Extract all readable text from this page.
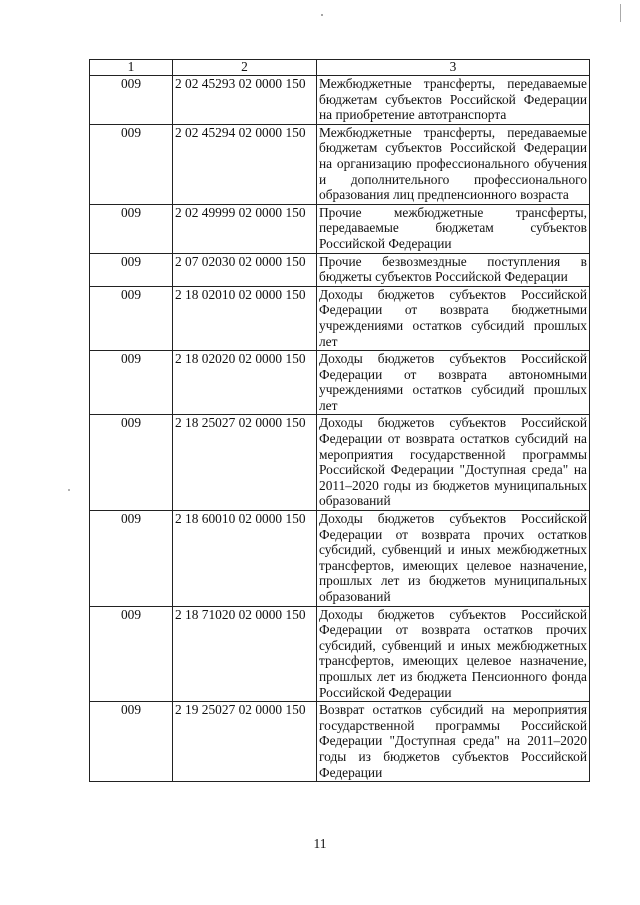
1	2	3
009	2 02 45293 02 0000 150	Межбюджетные трансферты, передаваемые бюджетам субъектов Российской Федерации на приобретение автотранспорта
009	2 02 45294 02 0000 150	Межбюджетные трансферты, передаваемые бюджетам субъектов Российской Федерации на организацию профессионального обучения и дополнительного профессионального образования лиц предпенсионного возраста
009	2 02 49999 02 0000 150	Прочие межбюджетные трансферты, передаваемые бюджетам субъектов Российской Федерации
009	2 07 02030 02 0000 150	Прочие безвозмездные поступления в бюджеты субъектов Российской Федерации
009	2 18 02010 02 0000 150	Доходы бюджетов субъектов Российской Федерации от возврата бюджетными учреждениями остатков субсидий прошлых лет
009	2 18 02020 02 0000 150	Доходы бюджетов субъектов Российской Федерации от возврата автономными учреждениями остатков субсидий прошлых лет
009	2 18 25027 02 0000 150	Доходы бюджетов субъектов Российской Федерации от возврата остатков субсидий на мероприятия государственной программы Российской Федерации "Доступная среда" на 2011–2020 годы из бюджетов муниципальных образований
009	2 18 60010 02 0000 150	Доходы бюджетов субъектов Российской Федерации от возврата прочих остатков субсидий, субвенций и иных межбюджетных трансфертов, имеющих целевое назначение, прошлых лет из бюджетов муниципальных образований
009	2 18 71020 02 0000 150	Доходы бюджетов субъектов Российской Федерации от возврата остатков прочих субсидий, субвенций и иных межбюджетных трансфертов, имеющих целевое назначение, прошлых лет из бюджета Пенсионного фонда Российской Федерации
009	2 19 25027 02 0000 150	Возврат остатков субсидий на мероприятия государственной программы Российской Федерации "Доступная среда" на 2011–2020 годы из бюджетов субъектов Российской Федерации
11
